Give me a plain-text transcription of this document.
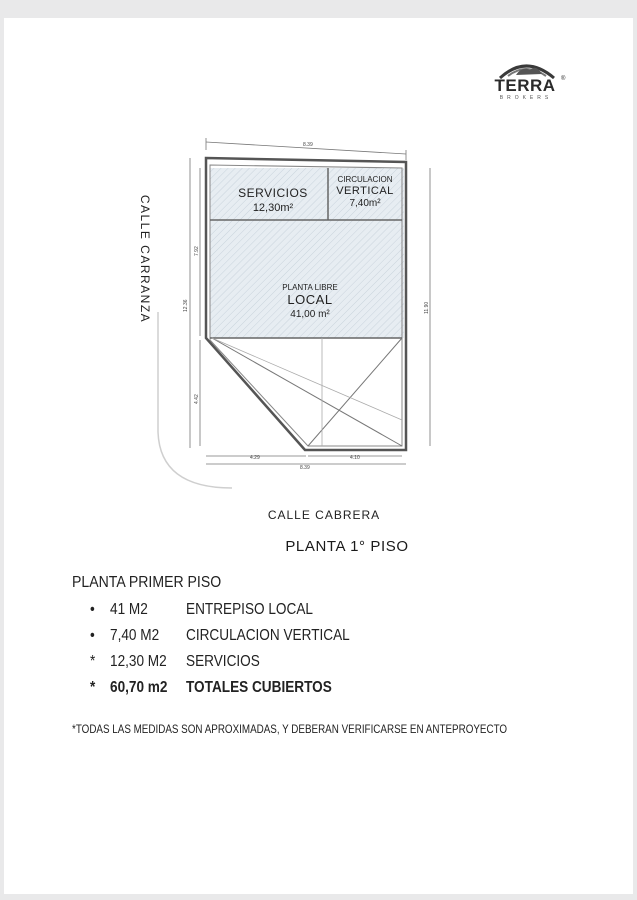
TERRA ®
BROKERS
8.39
4.29	4.10
8.39
12.36
7.92
4.42
11.90
SERVICIOS
12,30m²
CIRCULACION
VERTICAL
7,40m²
PLANTA LIBRE
LOCAL
41,00 m²
CALLE CARRANZA
CALLE CABRERA
PLANTA 1° PISO
PLANTA PRIMER PISO
• 41 M2 ENTREPISO LOCAL
• 7,40 M2 CIRCULACION VERTICAL
* 12,30 M2 SERVICIOS
* 60,70 m2 TOTALES CUBIERTOS
*TODAS LAS MEDIDAS SON APROXIMADAS, Y DEBERAN VERIFICARSE EN ANTEPROYECTO
